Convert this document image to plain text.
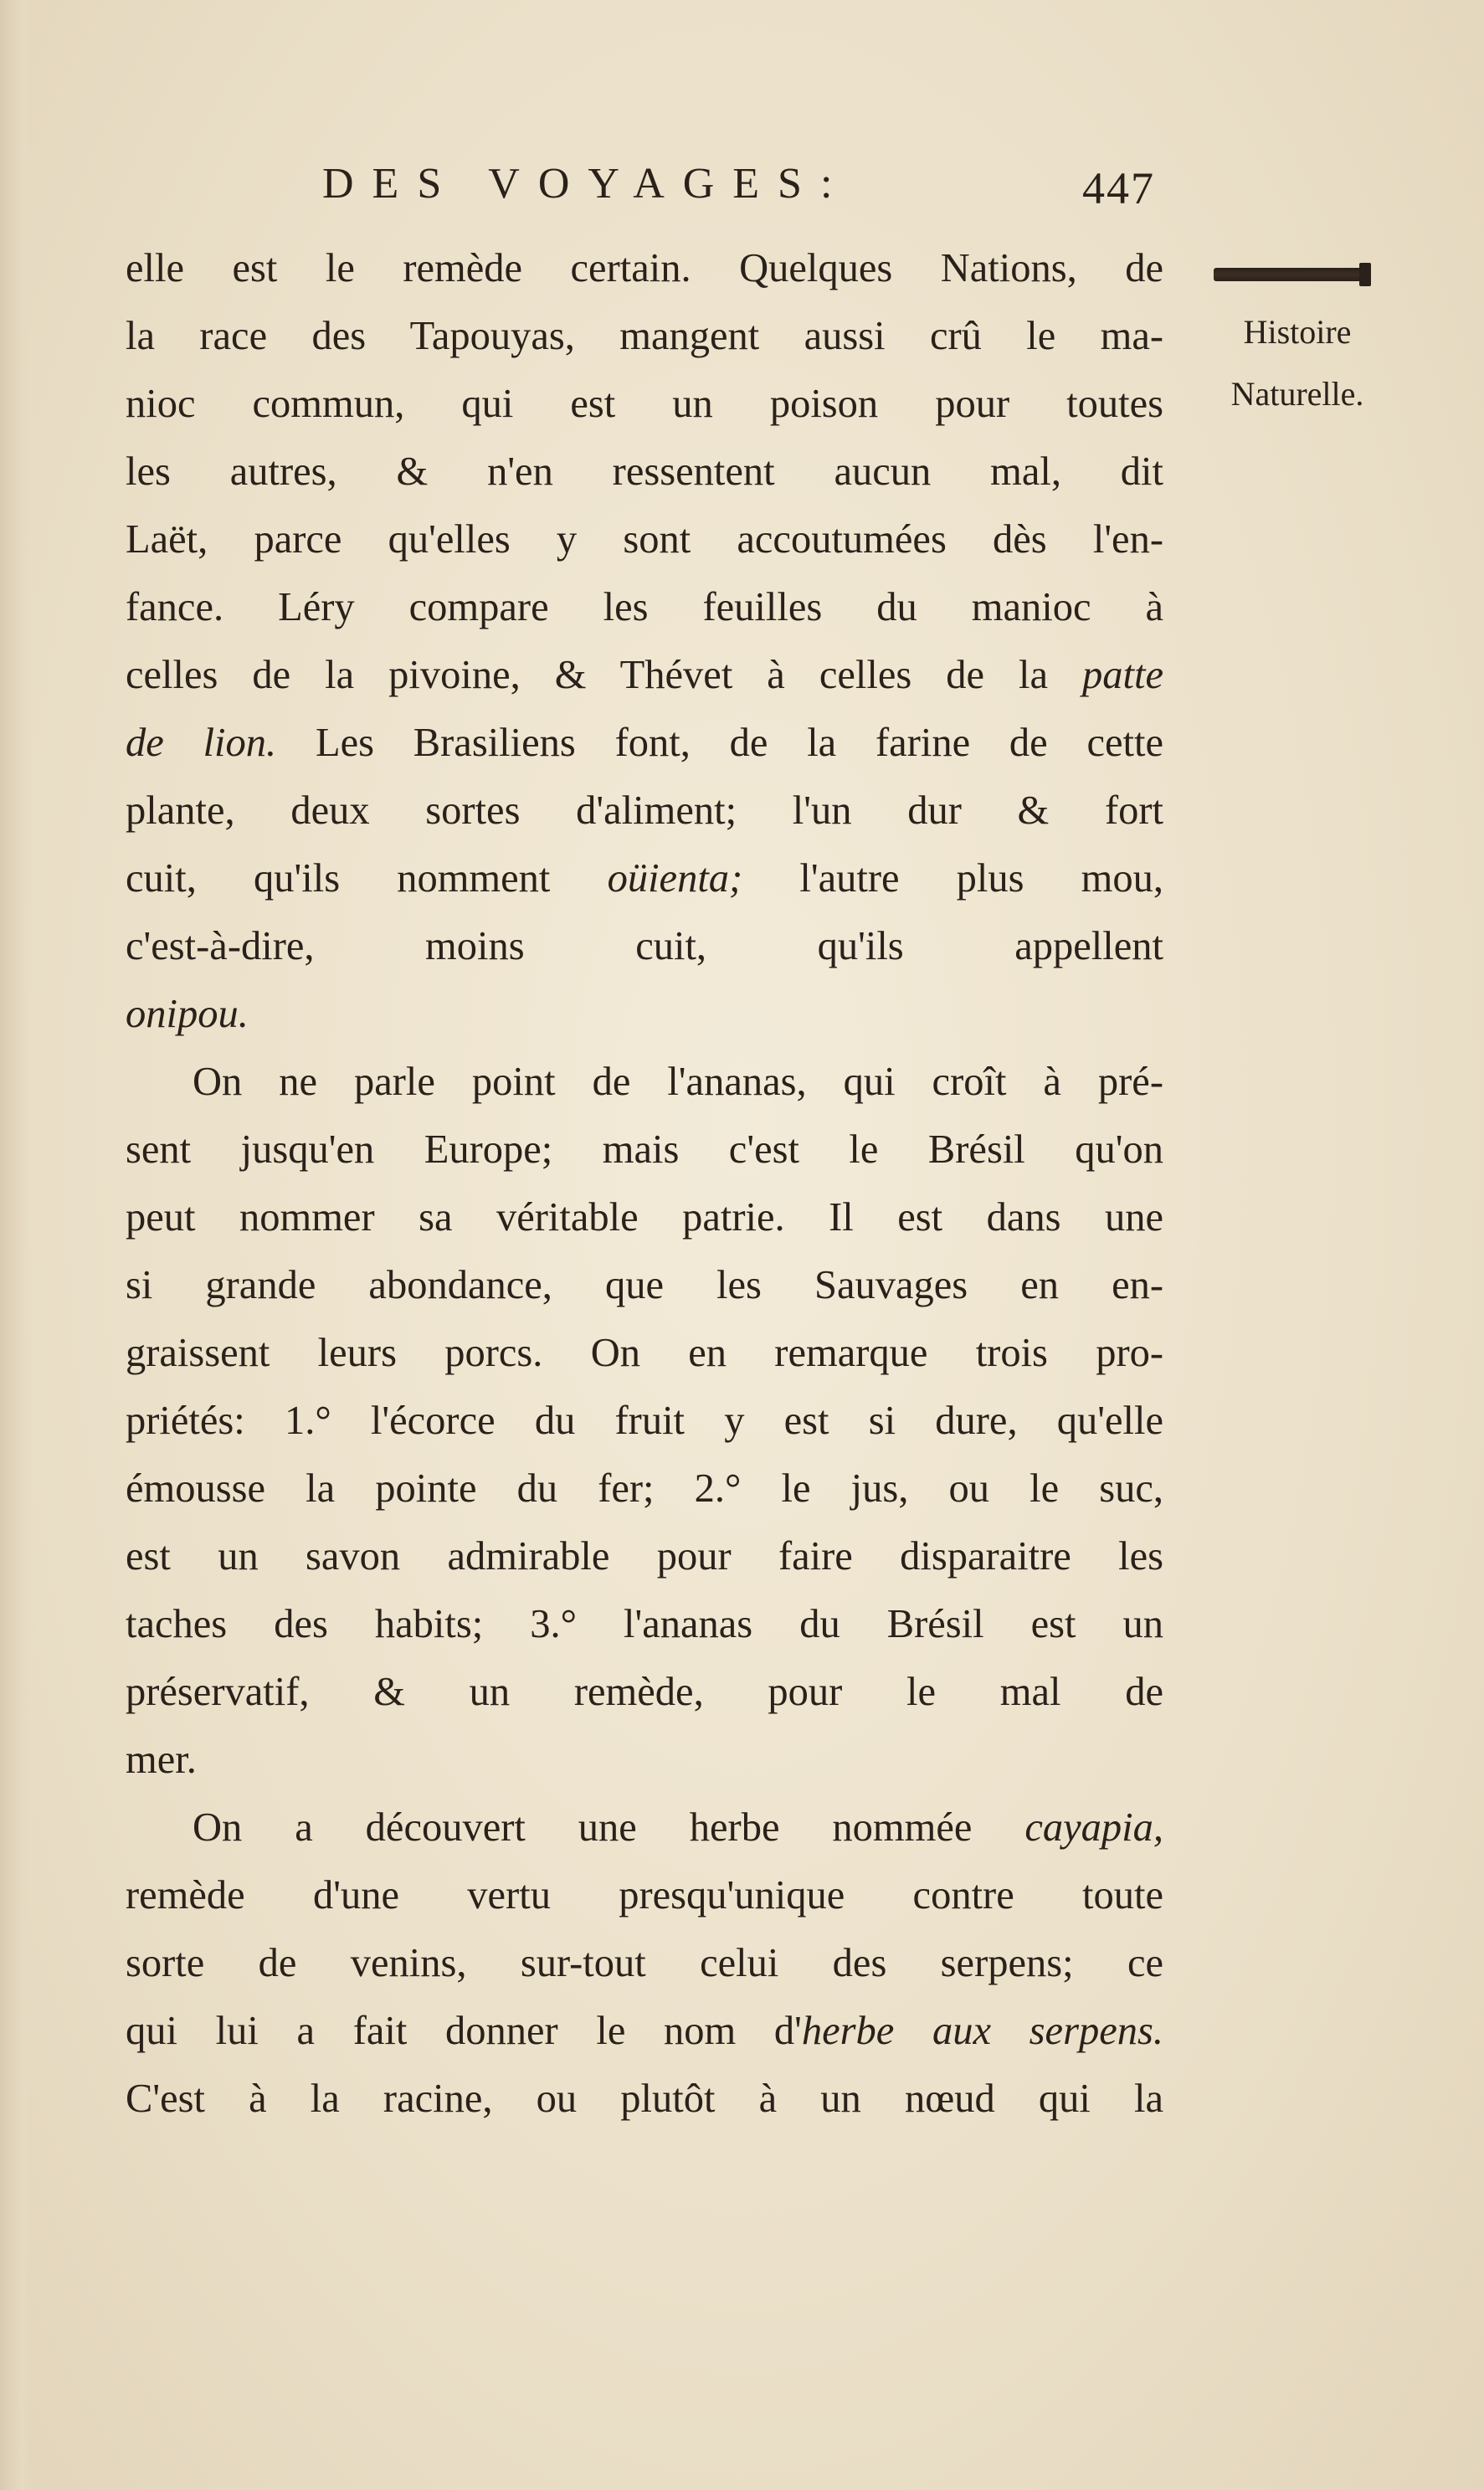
DES VOYAGES:	447
Histoire
Naturelle.
elle est le remède certain. Quelques Nations, de
la race des Tapouyas, mangent aussi crû le ma-
nioc commun, qui est un poison pour toutes
les autres, & n'en ressentent aucun mal, dit
Laët, parce qu'elles y sont accoutumées dès l'en-
fance. Léry compare les feuilles du manioc à
celles de la pivoine, & Thévet à celles de la patte
de lion. Les Brasiliens font, de la farine de cette
plante, deux sortes d'aliment; l'un dur & fort
cuit, qu'ils nomment oüienta; l'autre plus mou,
c'est-à-dire, moins cuit, qu'ils appellent
onipou.
On ne parle point de l'ananas, qui croît à pré-
sent jusqu'en Europe; mais c'est le Brésil qu'on
peut nommer sa véritable patrie. Il est dans une
si grande abondance, que les Sauvages en en-
graissent leurs porcs. On en remarque trois pro-
priétés: 1.° l'écorce du fruit y est si dure, qu'elle
émousse la pointe du fer; 2.° le jus, ou le suc,
est un savon admirable pour faire disparaitre les
taches des habits; 3.° l'ananas du Brésil est un
préservatif, & un remède, pour le mal de
mer.
On a découvert une herbe nommée cayapia,
remède d'une vertu presqu'unique contre toute
sorte de venins, sur-tout celui des serpens; ce
qui lui a fait donner le nom d'herbe aux serpens.
C'est à la racine, ou plutôt à un nœud qui la
